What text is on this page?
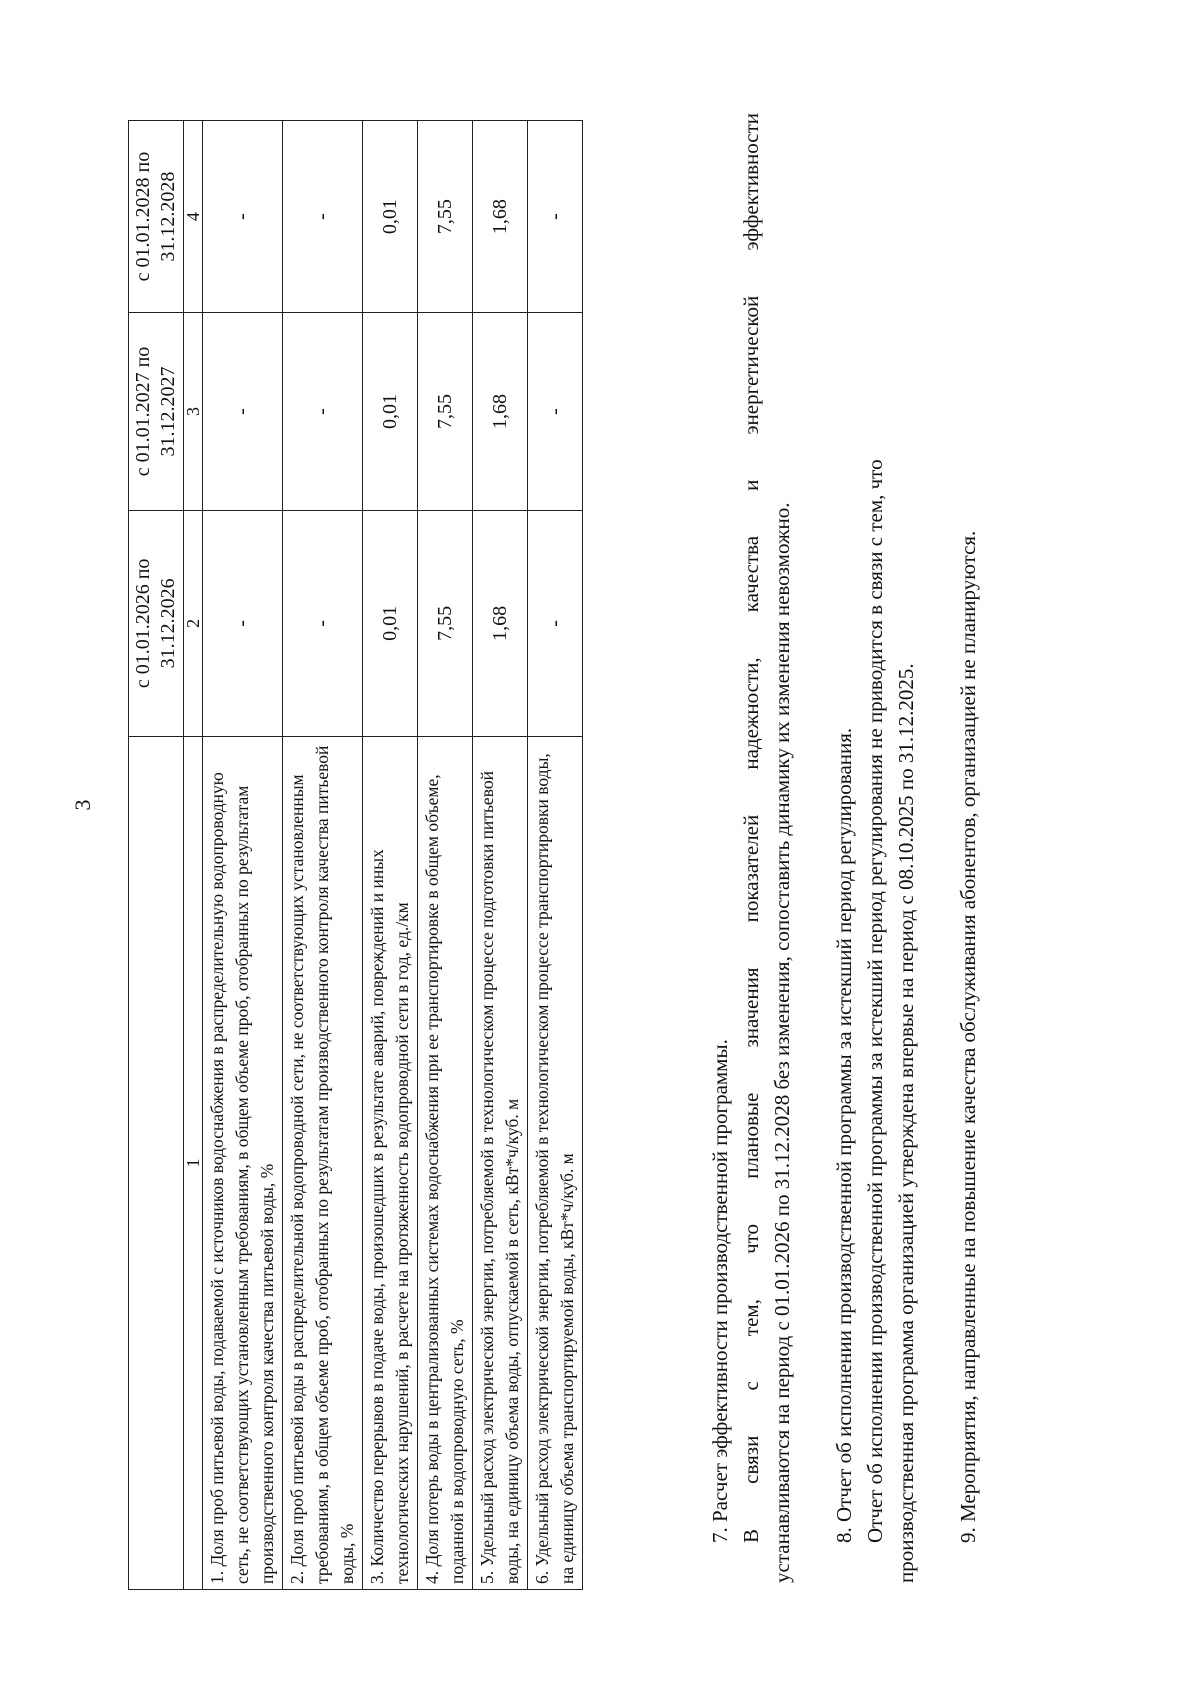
3
	с 01.01.2026 по 31.12.2026	с 01.01.2027 по 31.12.2027	с 01.01.2028 по 31.12.2028
1	2	3	4
1. Доля проб питьевой воды, подаваемой с источников водоснабжения в распределительную водопроводную сеть, не соответствующих установленным требованиям, в общем объеме проб, отобранных по результатам производственного контроля качества питьевой воды, %	-	-	-
2. Доля проб питьевой воды в распределительной водопроводной сети, не соответствующих установленным требованиям, в общем объеме проб, отобранных по результатам производственного контроля качества питьевой воды, %	-	-	-
3. Количество перерывов в подаче воды, произошедших в результате аварий, повреждений и иных технологических нарушений, в расчете на протяженность водопроводной сети в год, ед./км	0,01	0,01	0,01
4. Доля потерь воды в централизованных системах водоснабжения при ее транспортировке в общем объеме, поданной в водопроводную сеть, %	7,55	7,55	7,55
5. Удельный расход электрической энергии, потребляемой в технологическом процессе подготовки питьевой воды, на единицу объема воды, отпускаемой в сеть, кВт*ч/куб. м	1,68	1,68	1,68
6. Удельный расход электрической энергии, потребляемой в технологическом процессе транспортировки воды, на единицу объема транспортируемой воды, кВт*ч/куб. м	-	-	-

7. Расчет эффективности производственной программы. В связи с тем, что плановые значения показателей надежности, качества и энергетической эффективности устанавливаются на период с 01.01.2026 по 31.12.2028 без изменения, сопоставить динамику их изменения невозможно. 8. Отчет об исполнении производственной программы за истекший период регулирования. Отчет об исполнении производственной программы за истекший период регулирования не приводится в связи с тем, что производственная программа организацией утверждена впервые на период с 08.10.2025 по 31.12.2025. 9. Мероприятия, направленные на повышение качества обслуживания абонентов, организацией не планируются.
